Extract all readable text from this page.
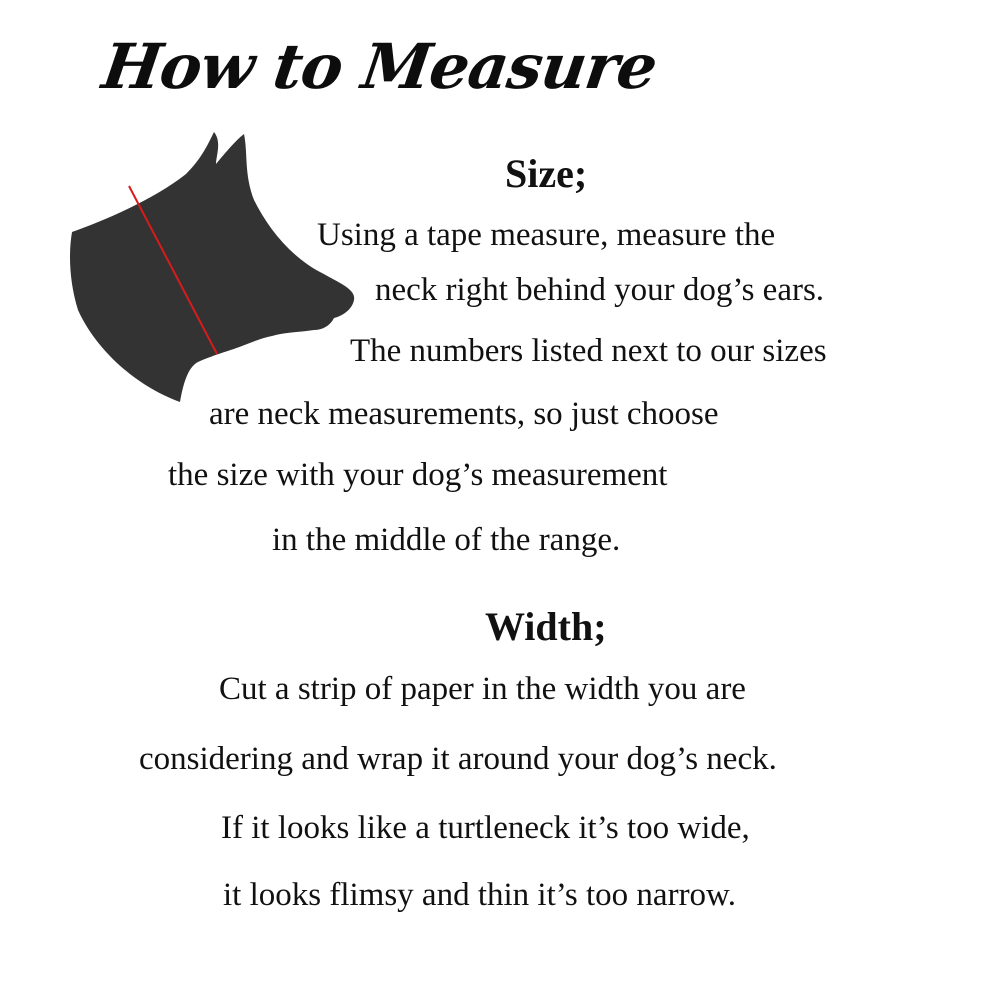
How to Measure
Size;
Using a tape measure, measure the
neck right behind your dog’s ears.
The numbers listed next to our sizes
are neck measurements, so just choose
the size with your dog’s measurement
in the middle of the range.
Width;
Cut a strip of paper in the width you are
considering and wrap it around your dog’s neck.
If it looks like a turtleneck it’s too wide,
it looks flimsy and thin it’s too narrow.
